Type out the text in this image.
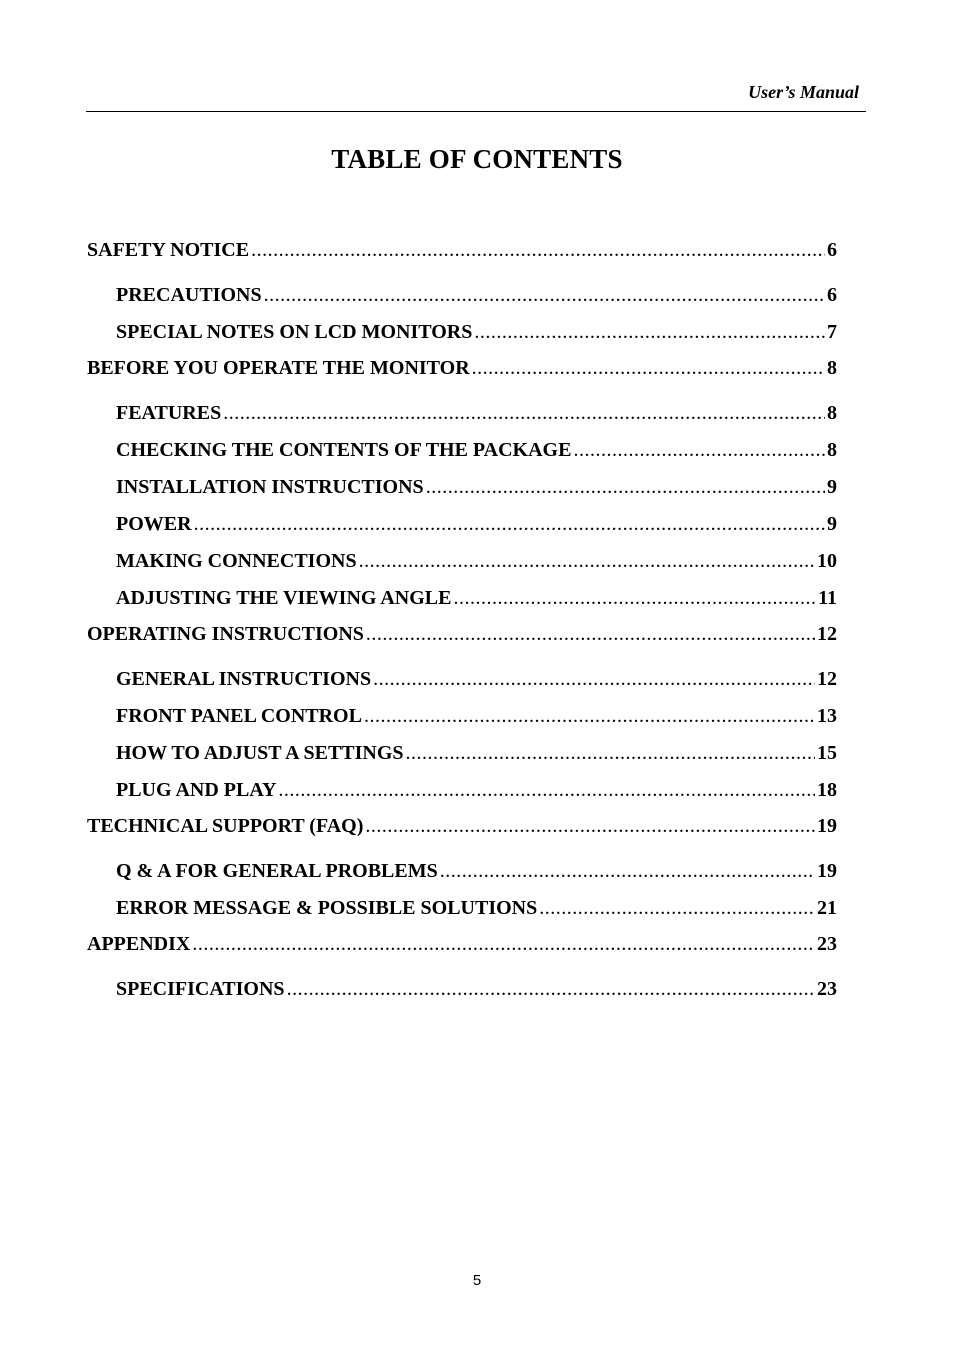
User’s Manual
TABLE OF CONTENTS
SAFETY NOTICE .....	6
PRECAUTIONS .....	6
SPECIAL NOTES ON LCD MONITORS .....	7
BEFORE YOU OPERATE THE MONITOR .....	8
FEATURES .....	8
CHECKING THE CONTENTS OF THE PACKAGE .....	8
INSTALLATION INSTRUCTIONS .....	9
POWER .....	9
MAKING CONNECTIONS .....	10
ADJUSTING THE VIEWING ANGLE .....	11
OPERATING INSTRUCTIONS .....	12
GENERAL INSTRUCTIONS .....	12
FRONT PANEL CONTROL .....	13
HOW TO ADJUST A SETTINGS .....	15
PLUG AND PLAY .....	18
TECHNICAL SUPPORT (FAQ) .....	19
Q & A FOR GENERAL PROBLEMS .....	19
ERROR MESSAGE & POSSIBLE SOLUTIONS .....	21
APPENDIX .....	23
SPECIFICATIONS .....	23
5
